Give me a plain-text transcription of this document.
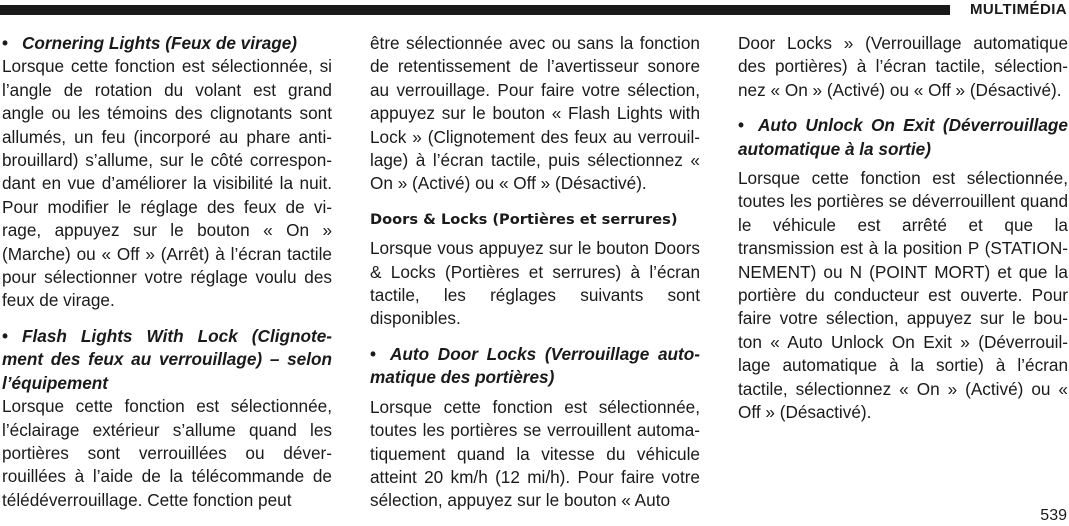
MULTIMÉDIA

• Cornering Lights (Feux de virage)

Lorsque cette fonction est sélectionnée, si l’angle de rotation du volant est grand angle ou les témoins des clignotants sont allumés, un feu (incorporé au phare anti-brouillard) s’allume, sur le côté correspon-dant en vue d’améliorer la visibilité la nuit. Pour modifier le réglage des feux de vi-rage, appuyez sur le bouton « On » (Marche) ou « Off » (Arrêt) à l’écran tactile pour sélectionner votre réglage voulu des feux de virage.

• Flash Lights With Lock (Clignote-ment des feux au verrouillage) – selon l’équipement

Lorsque cette fonction est sélectionnée, l’éclairage extérieur s’allume quand les portières sont verrouillées ou déver-rouillées à l’aide de la télécommande de télédéverrouillage. Cette fonction peut

être sélectionnée avec ou sans la fonction de retentissement de l’avertisseur sonore au verrouillage. Pour faire votre sélection, appuyez sur le bouton « Flash Lights with Lock » (Clignotement des feux au verrouil-lage) à l’écran tactile, puis sélectionnez « On » (Activé) ou « Off » (Désactivé).

Doors & Locks (Portières et serrures)

Lorsque vous appuyez sur le bouton Doors & Locks (Portières et serrures) à l’écran tactile, les réglages suivants sont disponibles.

• Auto Door Locks (Verrouillage auto-matique des portières)

Lorsque cette fonction est sélectionnée, toutes les portières se verrouillent automa-tiquement quand la vitesse du véhicule atteint 20 km/h (12 mi/h). Pour faire votre sélection, appuyez sur le bouton « Auto

Door Locks » (Verrouillage automatique des portières) à l’écran tactile, sélection-nez « On » (Activé) ou « Off » (Désactivé).

• Auto Unlock On Exit (Déverrouillage automatique à la sortie)

Lorsque cette fonction est sélectionnée, toutes les portières se déverrouillent quand le véhicule est arrêté et que la transmission est à la position P (STATION-NEMENT) ou N (POINT MORT) et que la portière du conducteur est ouverte. Pour faire votre sélection, appuyez sur le bou-ton « Auto Unlock On Exit » (Déverrouil-lage automatique à la sortie) à l’écran tactile, sélectionnez « On » (Activé) ou « Off » (Désactivé).

539
